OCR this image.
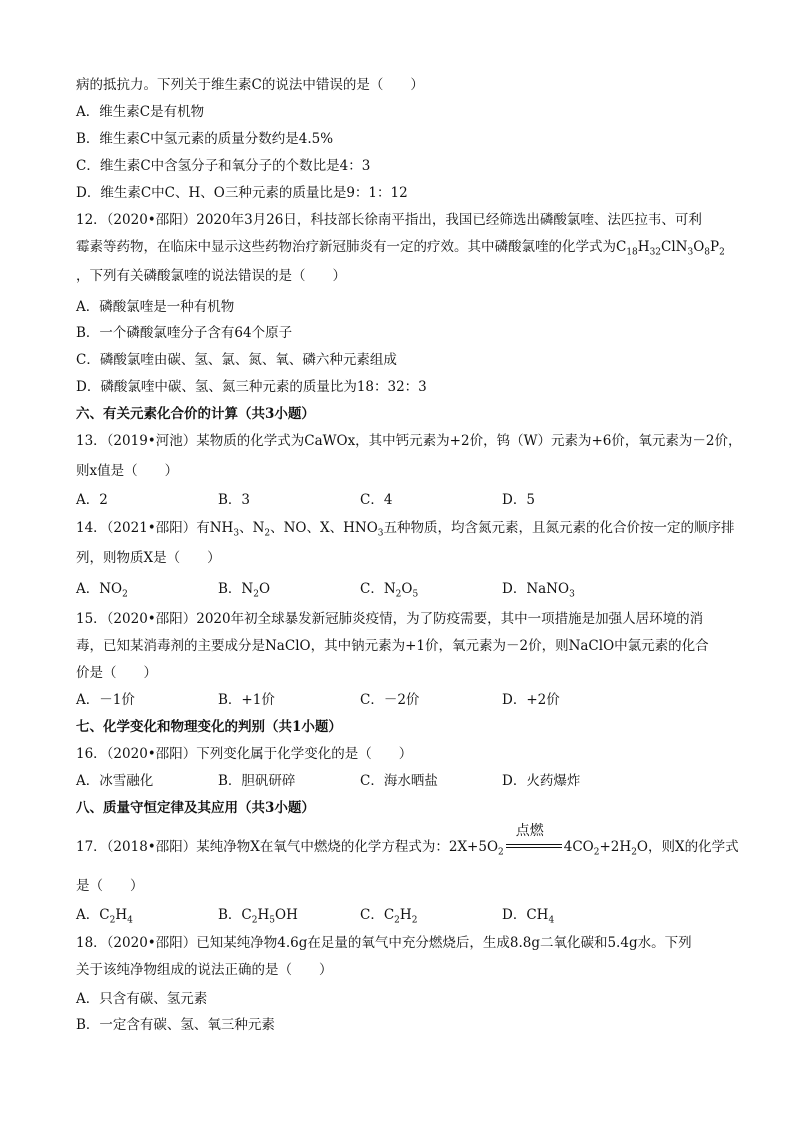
病的抵抗力。下列关于维生素C的说法中错误的是（　　）
A．维生素C是有机物
B．维生素C中氢元素的质量分数约是4.5%
C．维生素C中含氢分子和氧分子的个数比是4：3
D．维生素C中C、H、O三种元素的质量比是9：1：12
12．（2020•邵阳）2020年3月26日，科技部长徐南平指出，我国已经筛选出磷酸氯喹、法匹拉韦、可利
霉素等药物，在临床中显示这些药物治疗新冠肺炎有一定的疗效。其中磷酸氯喹的化学式为$C_{18}H_{32}ClN_3O_8P_2$
，下列有关磷酸氯喹的说法错误的是（　　）
A．磷酸氯喹是一种有机物
B．一个磷酸氯喹分子含有64个原子
C．磷酸氯喹由碳、氢、氯、氮、氧、磷六种元素组成
D．磷酸氯喹中碳、氢、氮三种元素的质量比为18：32：3
六、有关元素化合价的计算（共3小题）
13．（2019•河池）某物质的化学式为CaWOx，其中钙元素为+2价，钨（W）元素为+6价，氧元素为－2价，
则x值是（　　）
A．2	B．3	C．4	D．5
14．（2021•邵阳）有$NH_3$、$N_2$、NO、X、$HNO_3$五种物质，均含氮元素，且氮元素的化合价按一定的顺序排
列，则物质X是（　　）
A．$NO_2$	B．$N_2O$	C．$N_2O_5$	D．NaNO$_3$
15．（2020•邵阳）2020年初全球暴发新冠肺炎疫情，为了防疫需要，其中一项措施是加强人居环境的消
毒，已知某消毒剂的主要成分是NaClO，其中钠元素为+1价，氧元素为－2价，则NaClO中氯元素的化合
价是（　　）
A．－1价	B．+1价	C．－2价	D．+2价
七、化学变化和物理变化的判别（共1小题）
16．（2020•邵阳）下列变化属于化学变化的是（　　）
A．冰雪融化	B．胆矾研碎	C．海水晒盐	D．火药爆炸
八、质量守恒定律及其应用（共3小题）
17．（2018•邵阳）某纯净物X在氧气中燃烧的化学方程式为：$2X+5O_2$
点燃
$4CO_2+2H_2O$，则X的化学式
是（　　）
A．$C_2H_4$	B．$C_2H_5OH$	C．$C_2H_2$	D．$CH_4$
18．（2020•邵阳）已知某纯净物4.6g在足量的氧气中充分燃烧后，生成8.8g二氧化碳和5.4g水。下列
关于该纯净物组成的说法正确的是（　　）
A．只含有碳、氢元素
B．一定含有碳、氢、氧三种元素
